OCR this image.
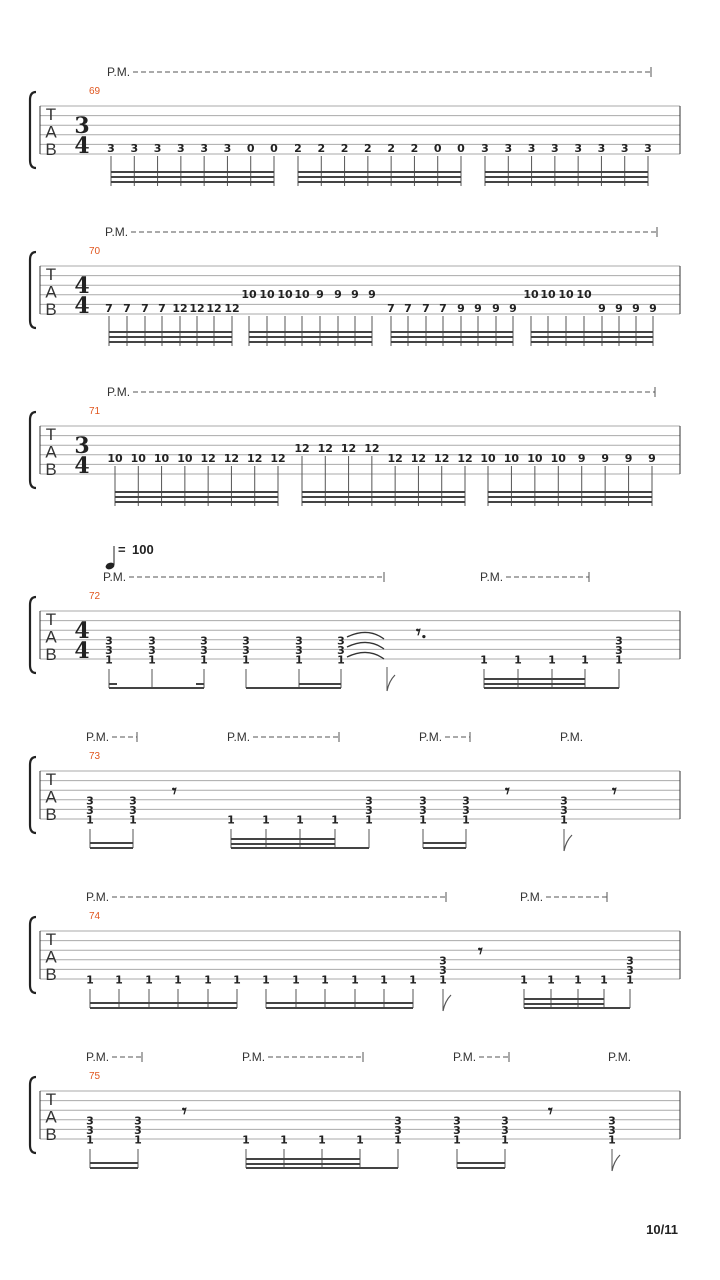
T
A
B
69
3
4 3 3 3 3 3 3 0 0 2 2 2 2 2 2 0 0 3 3 3 3 3 3 3 3
P.M.
T
A
B
70
4
4 7 7 7 7 12 12 12 12
10 10 10 10 9 9 9 9
7 7 7 7 9 9 9 9
10 10 10 10
9 9 9 9
P.M.
T
A
B
71
3
4 10 10 10 10 12 12 12 12
12 12 12 12
12 12 12 12 10 10 10 10 9 9 9 9
P.M.
T
A
B
72
4
4 3
3
1
3
3
1
3
3
1
3
3
1
3
3
1
3
3
1	1 1 1 1
3
3
1
𝄾.
= 100
P.M.	P.M.
T
A
B
73
3
3
1
3
3
1	1 1 1 1
3
3
1
3
3
1
3
3
1
3
3
1
𝄾	𝄾	𝄾
P.M.	P.M.	P.M.	P.M.
T
A
B
74
1 1 1 1 1 1 1 1 1 1 1 1
3
3
1	1 1 1 1
3
3
1
𝄾
P.M.	P.M.
T
A
B
75
3
3
1
3
3
1	1	1	1	1
3
3
1
3
3
1
3
3
1
3
3
1
𝄾	𝄾
P.M.	P.M.	P.M.	P.M.
10/11
